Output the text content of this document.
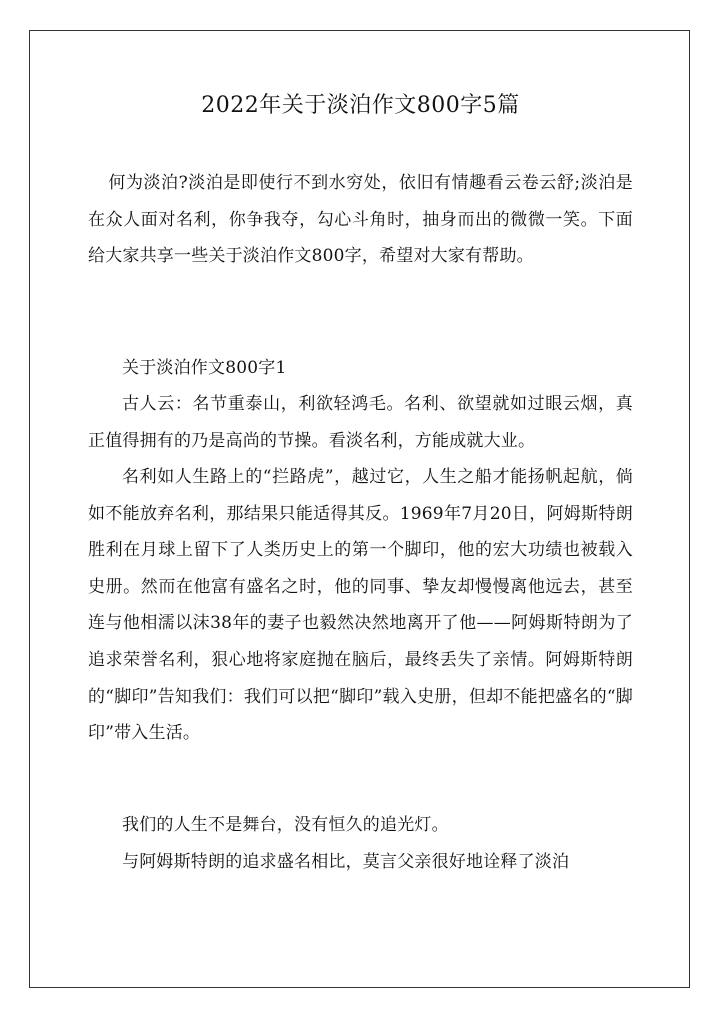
2022年关于淡泊作文800字5篇

何为淡泊?淡泊是即使行不到水穷处，依旧有情趣看云卷云舒;淡泊是在众人面对名利，你争我夺，勾心斗角时，抽身而出的微微一笑。下面给大家共享一些关于淡泊作文800字，希望对大家有帮助。

关于淡泊作文800字1

古人云：名节重泰山，利欲轻鸿毛。名利、欲望就如过眼云烟，真正值得拥有的乃是高尚的节操。看淡名利，方能成就大业。

名利如人生路上的“拦路虎”，越过它，人生之船才能扬帆起航，倘如不能放弃名利，那结果只能适得其反。1969年7月20日，阿姆斯特朗胜利在月球上留下了人类历史上的第一个脚印，他的宏大功绩也被载入史册。然而在他富有盛名之时，他的同事、挚友却慢慢离他远去，甚至连与他相濡以沫38年的妻子也毅然决然地离开了他——阿姆斯特朗为了追求荣誉名利，狠心地将家庭抛在脑后，最终丢失了亲情。阿姆斯特朗的“脚印”告知我们：我们可以把“脚印”载入史册，但却不能把盛名的“脚印”带入生活。

我们的人生不是舞台，没有恒久的追光灯。

与阿姆斯特朗的追求盛名相比，莫言父亲很好地诠释了淡泊
